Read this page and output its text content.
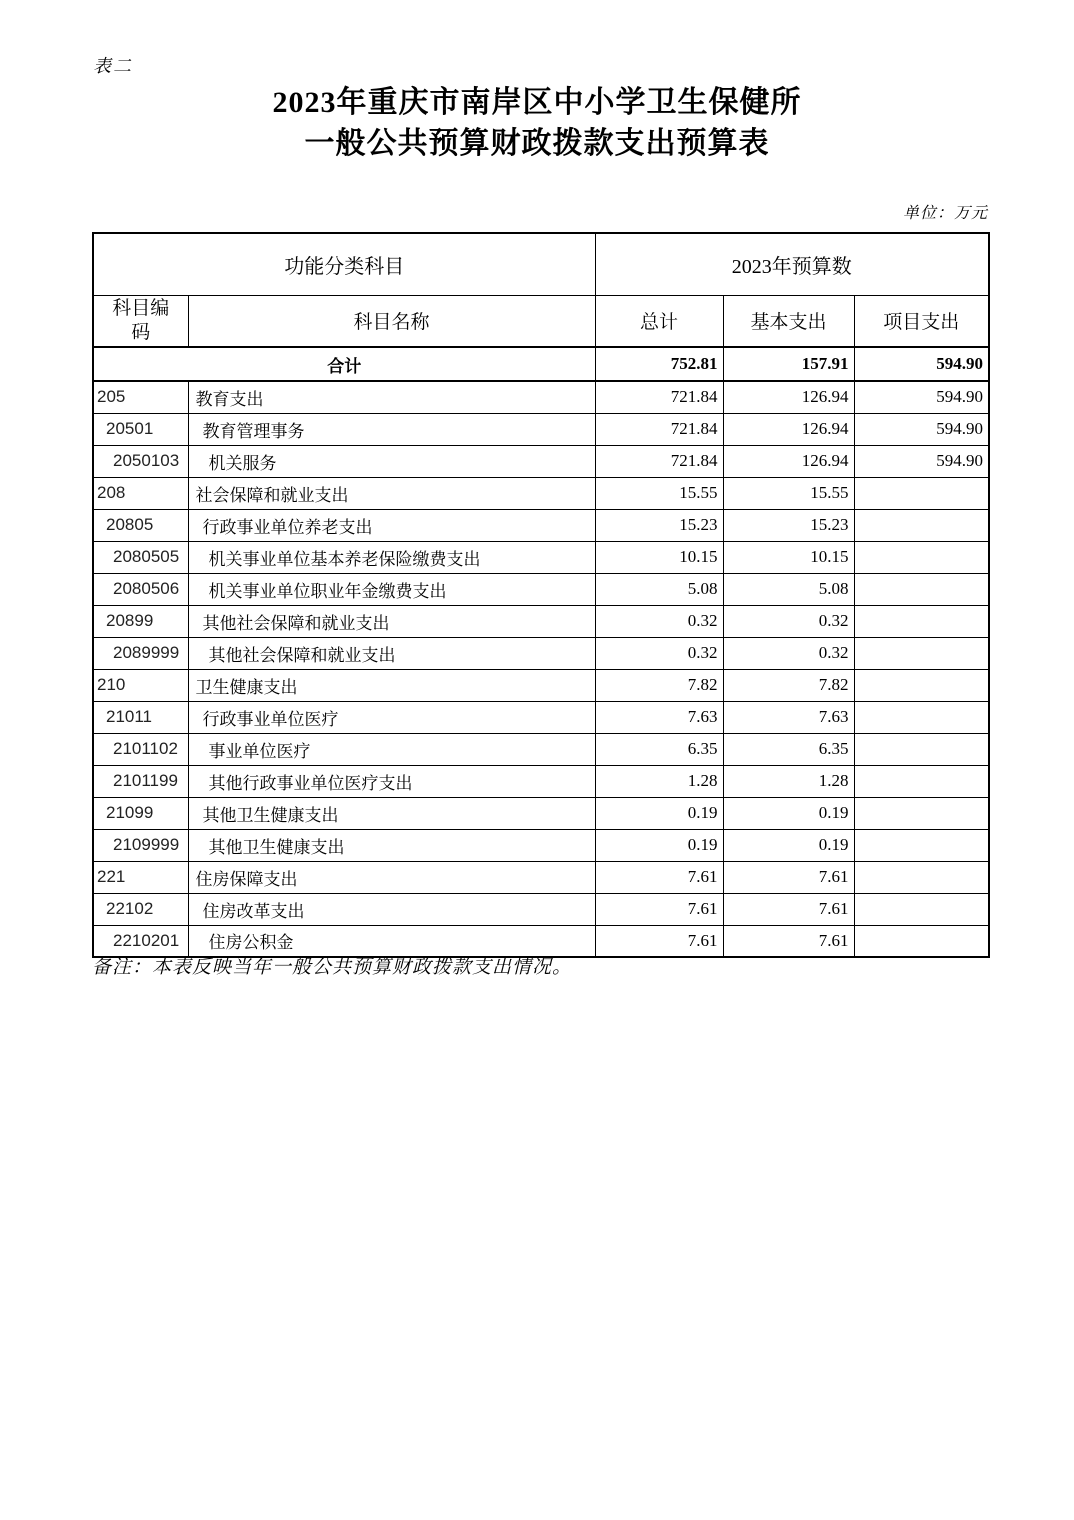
表二
2023年重庆市南岸区中小学卫生保健所
一般公共预算财政拨款支出预算表
单位：万元
功能分类科目		2023年预算数		
科目编码	科目名称	总计	基本支出	项目支出
合计		752.81	157.91	594.90
205	教育支出	721.84	126.94	594.90
20501	教育管理事务	721.84	126.94	594.90
2050103	机关服务	721.84	126.94	594.90
208	社会保障和就业支出	15.55	15.55	
20805	行政事业单位养老支出	15.23	15.23	
2080505	机关事业单位基本养老保险缴费支出	10.15	10.15	
2080506	机关事业单位职业年金缴费支出	5.08	5.08	
20899	其他社会保障和就业支出	0.32	0.32	
2089999	其他社会保障和就业支出	0.32	0.32	
210	卫生健康支出	7.82	7.82	
21011	行政事业单位医疗	7.63	7.63	
2101102	事业单位医疗	6.35	6.35	
2101199	其他行政事业单位医疗支出	1.28	1.28	
21099	其他卫生健康支出	0.19	0.19	
2109999	其他卫生健康支出	0.19	0.19	
221	住房保障支出	7.61	7.61	
22102	住房改革支出	7.61	7.61	
2210201	住房公积金	7.61	7.61	
备注：本表反映当年一般公共预算财政拨款支出情况。
